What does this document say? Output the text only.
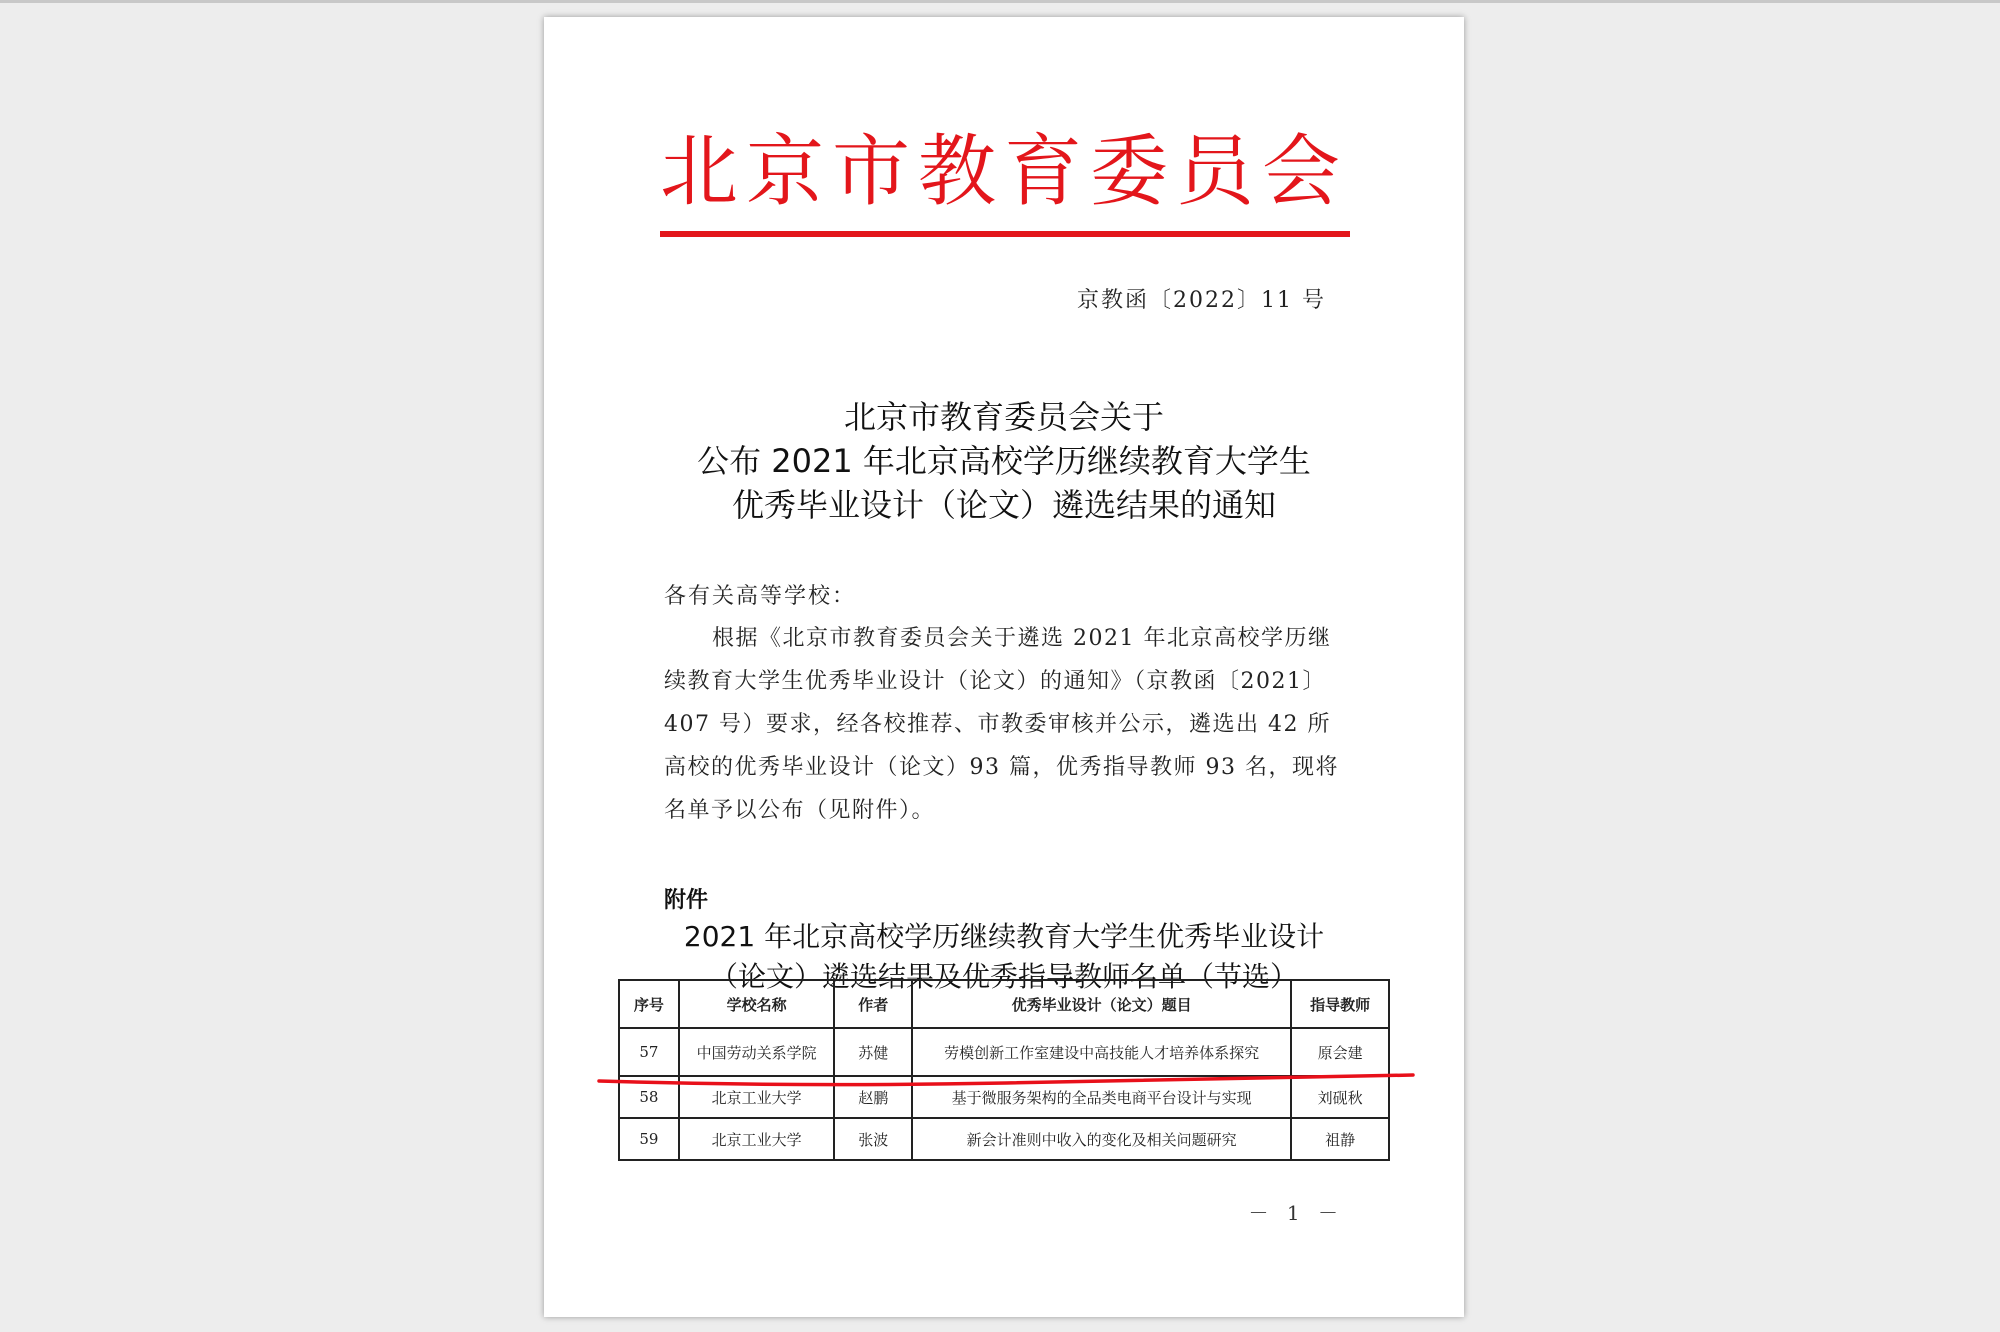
北京市教育委员会
京教函〔2022〕11 号
北京市教育委员会关于
公布 2021 年北京高校学历继续教育大学生
优秀毕业设计（论文）遴选结果的通知
各有关高等学校：
根据《北京市教育委员会关于遴选 2021 年北京高校学历继
续教育大学生优秀毕业设计（论文）的通知》（京教函〔2021〕
407 号）要求，经各校推荐、市教委审核并公示，遴选出 42 所
高校的优秀毕业设计（论文）93 篇，优秀指导教师 93 名，现将
名单予以公布（见附件）。
附件
2021 年北京高校学历继续教育大学生优秀毕业设计
（论文）遴选结果及优秀指导教师名单（节选）
序号	学校名称	作者	优秀毕业设计（论文）题目	指导教师
57	中国劳动关系学院	苏健	劳模创新工作室建设中高技能人才培养体系探究	原会建
58	北京工业大学	赵鹏	基于微服务架构的全品类电商平台设计与实现	刘砚秋
59	北京工业大学	张波	新会计准则中收入的变化及相关问题研究	祖静
－ 1 －
